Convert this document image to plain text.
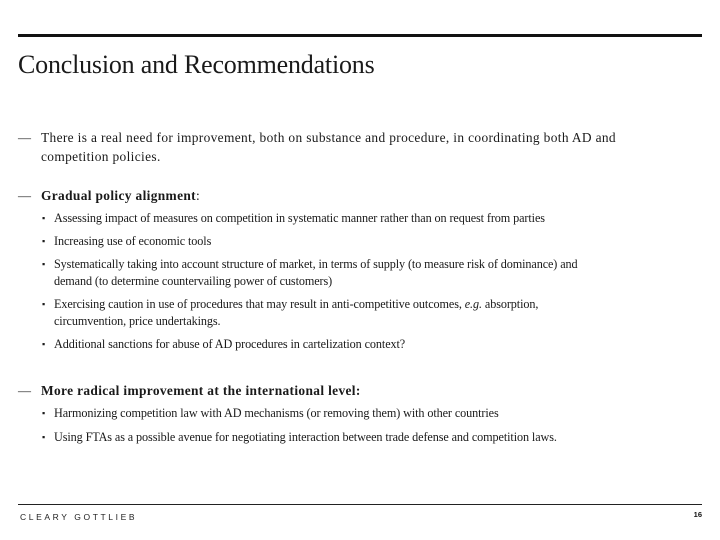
Conclusion and Recommendations
— There is a real need for improvement, both on substance and procedure, in coordinating both AD and
competition policies.
— Gradual policy alignment:
▪ Assessing impact of measures on competition in systematic manner rather than on request from parties
▪ Increasing use of economic tools
▪ Systematically taking into account structure of market, in terms of supply (to measure risk of dominance) and
demand (to determine countervailing power of customers)
▪ Exercising caution in use of procedures that may result in anti-competitive outcomes, e.g. absorption,
circumvention, price undertakings.
▪ Additional sanctions for abuse of AD procedures in cartelization context?
— More radical improvement at the international level:
▪ Harmonizing competition law with AD mechanisms (or removing them) with other countries
▪ Using FTAs as a possible avenue for negotiating interaction between trade defense and competition laws.
CLEARY GOTTLIEB	16
